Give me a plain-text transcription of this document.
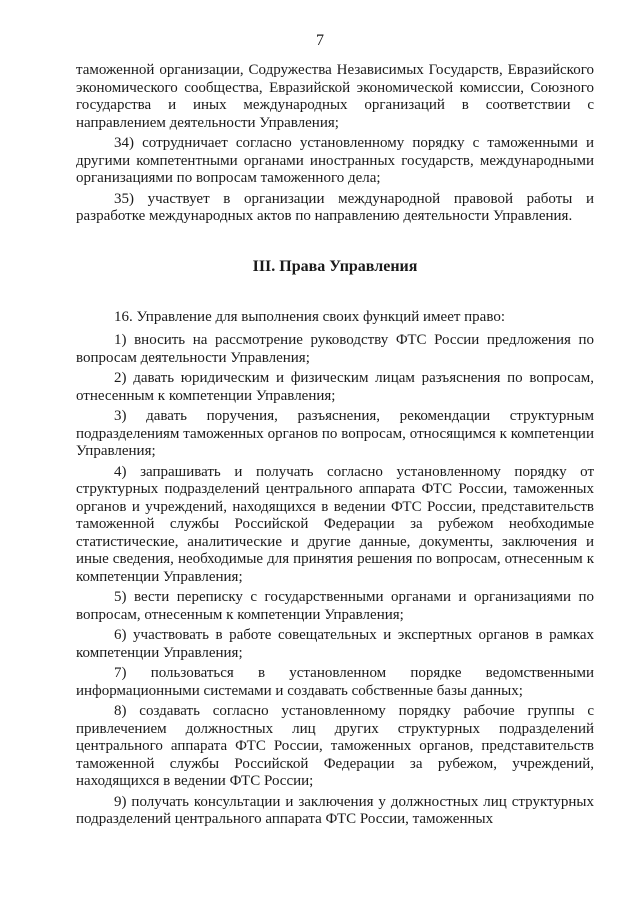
7

таможенной организации, Содружества Независимых Государств, Евразийского экономического сообщества, Евразийской экономической комиссии, Союзного государства и иных международных организаций в соответствии с направлением деятельности Управления;

34) сотрудничает согласно установленному порядку с таможенными и другими компетентными органами иностранных государств, международными организациями по вопросам таможенного дела;

35) участвует в организации международной правовой работы и разработке международных актов по направлению деятельности Управления.

III. Права Управления

16. Управление для выполнения своих функций имеет право:

1) вносить на рассмотрение руководству ФТС России предложения по вопросам деятельности Управления;

2) давать юридическим и физическим лицам разъяснения по вопросам, отнесенным к компетенции Управления;

3) давать поручения, разъяснения, рекомендации структурным подразделениям таможенных органов по вопросам, относящимся к компетенции Управления;

4) запрашивать и получать согласно установленному порядку от структурных подразделений центрального аппарата ФТС России, таможенных органов и учреждений, находящихся в ведении ФТС России, представительств таможенной службы Российской Федерации за рубежом необходимые статистические, аналитические и другие данные, документы, заключения и иные сведения, необходимые для принятия решения по вопросам, отнесенным к компетенции Управления;

5) вести переписку с государственными органами и организациями по вопросам, отнесенным к компетенции Управления;

6) участвовать в работе совещательных и экспертных органов в рамках компетенции Управления;

7) пользоваться в установленном порядке ведомственными информационными системами и создавать собственные базы данных;

8) создавать согласно установленному порядку рабочие группы с привлечением должностных лиц других структурных подразделений центрального аппарата ФТС России, таможенных органов, представительств таможенной службы Российской Федерации за рубежом, учреждений, находящихся в ведении ФТС России;

9) получать консультации и заключения у должностных лиц структурных подразделений центрального аппарата ФТС России, таможенных
